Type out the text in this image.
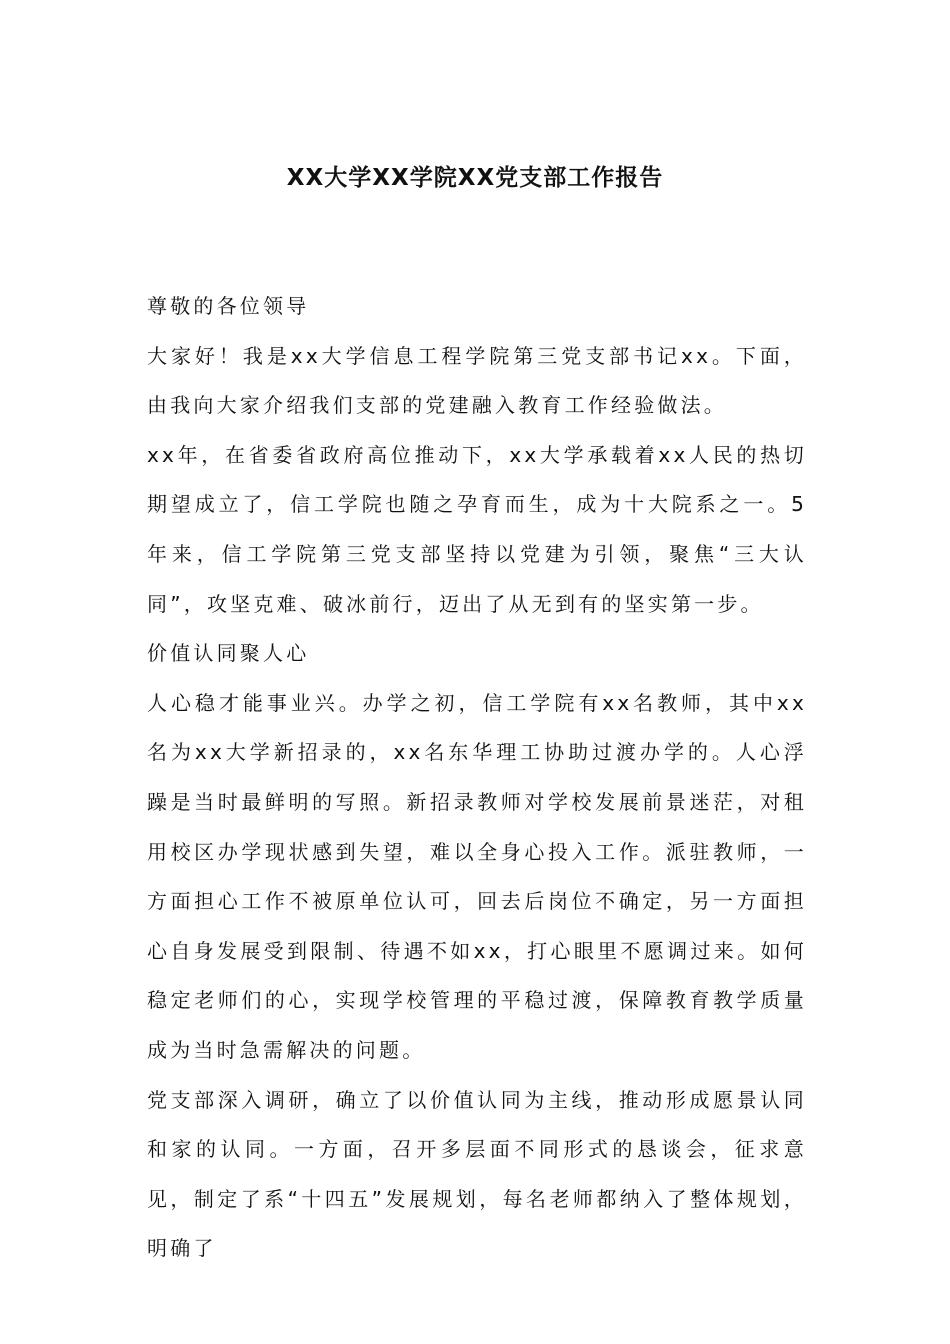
XX大学XX学院XX党支部工作报告

尊敬的各位领导

大家好！我是xx大学信息工程学院第三党支部书记xx。下面，由我向大家介绍我们支部的党建融入教育工作经验做法。

xx年，在省委省政府高位推动下，xx大学承载着xx人民的热切期望成立了，信工学院也随之孕育而生，成为十大院系之一。5年来，信工学院第三党支部坚持以党建为引领，聚焦“三大认同”，攻坚克难、破冰前行，迈出了从无到有的坚实第一步。

价值认同聚人心

人心稳才能事业兴。办学之初，信工学院有xx名教师，其中xx名为xx大学新招录的，xx名东华理工协助过渡办学的。人心浮躁是当时最鲜明的写照。新招录教师对学校发展前景迷茫，对租用校区办学现状感到失望，难以全身心投入工作。派驻教师，一方面担心工作不被原单位认可，回去后岗位不确定，另一方面担心自身发展受到限制、待遇不如xx，打心眼里不愿调过来。如何稳定老师们的心，实现学校管理的平稳过渡，保障教育教学质量成为当时急需解决的问题。

党支部深入调研，确立了以价值认同为主线，推动形成愿景认同和家的认同。一方面，召开多层面不同形式的恳谈会，征求意见，制定了系“十四五”发展规划，每名老师都纳入了整体规划，明确了
